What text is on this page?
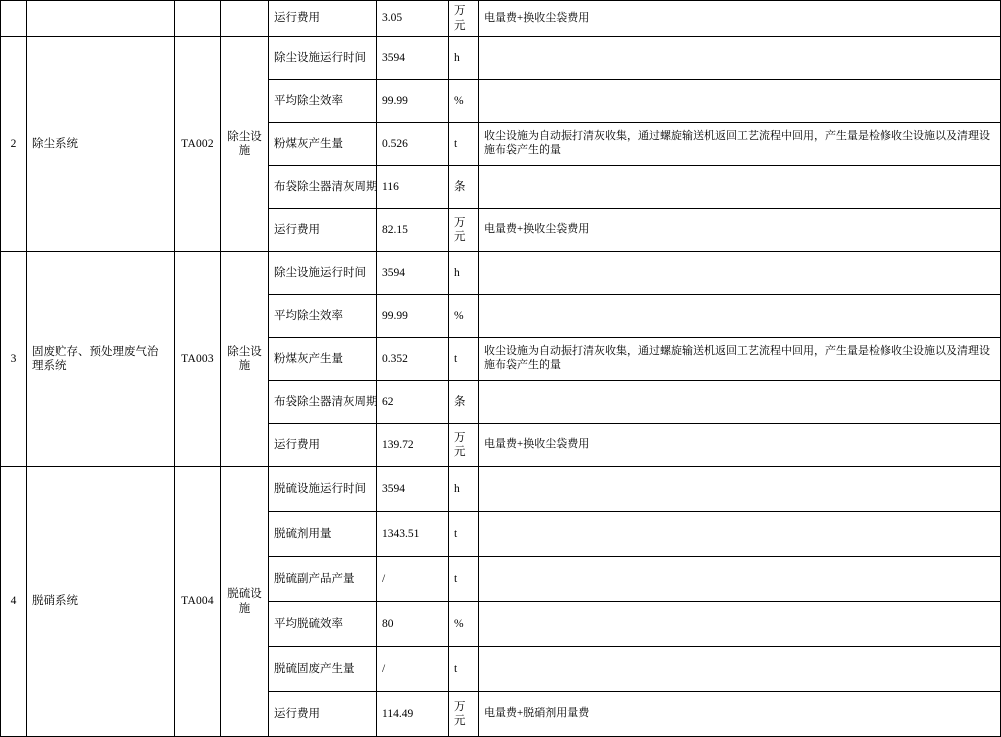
				运行费用	3.05	万元	电量费+换收尘袋费用
2	除尘系统	TA002	除尘设施	除尘设施运行时间	3594	h	
				平均除尘效率	99.99	%	
				粉煤灰产生量	0.526	t	收尘设施为自动振打清灰收集，通过螺旋输送机返回工艺流程中回用，产生量是检修收尘设施以及清理设施布袋产生的量
				布袋除尘器清灰周期	116	条	
				运行费用	82.15	万元	电量费+换收尘袋费用
3	固废贮存、预处理废气治理系统	TA003	除尘设施	除尘设施运行时间	3594	h	
				平均除尘效率	99.99	%	
				粉煤灰产生量	0.352	t	收尘设施为自动振打清灰收集，通过螺旋输送机返回工艺流程中回用，产生量是检修收尘设施以及清理设施布袋产生的量
				布袋除尘器清灰周期	62	条	
				运行费用	139.72	万元	电量费+换收尘袋费用
4	脱硝系统	TA004	脱硫设施	脱硫设施运行时间	3594	h	
				脱硫剂用量	1343.51	t	
				脱硫副产品产量	/	t	
				平均脱硫效率	80	%	
				脱硫固废产生量	/	t	
				运行费用	114.49	万元	电量费+脱硝剂用量费
